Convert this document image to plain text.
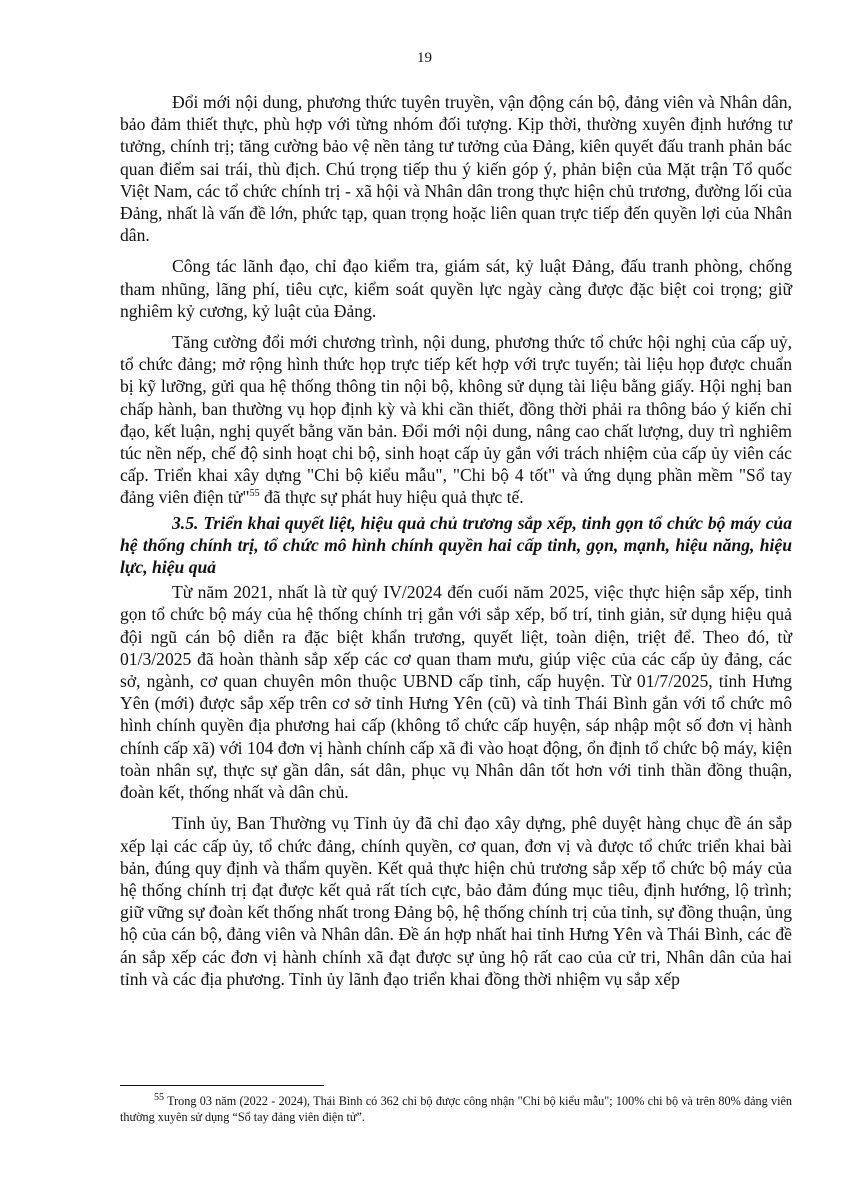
19

Đổi mới nội dung, phương thức tuyên truyền, vận động cán bộ, đảng viên và Nhân dân, bảo đảm thiết thực, phù hợp với từng nhóm đối tượng. Kịp thời, thường xuyên định hướng tư tưởng, chính trị; tăng cường bảo vệ nền tảng tư tưởng của Đảng, kiên quyết đấu tranh phản bác quan điểm sai trái, thù địch. Chú trọng tiếp thu ý kiến góp ý, phản biện của Mặt trận Tổ quốc Việt Nam, các tổ chức chính trị - xã hội và Nhân dân trong thực hiện chủ trương, đường lối của Đảng, nhất là vấn đề lớn, phức tạp, quan trọng hoặc liên quan trực tiếp đến quyền lợi của Nhân dân.

Công tác lãnh đạo, chỉ đạo kiểm tra, giám sát, kỷ luật Đảng, đấu tranh phòng, chống tham nhũng, lãng phí, tiêu cực, kiểm soát quyền lực ngày càng được đặc biệt coi trọng; giữ nghiêm kỷ cương, kỷ luật của Đảng.

Tăng cường đổi mới chương trình, nội dung, phương thức tổ chức hội nghị của cấp uỷ, tổ chức đảng; mở rộng hình thức họp trực tiếp kết hợp với trực tuyến; tài liệu họp được chuẩn bị kỹ lưỡng, gửi qua hệ thống thông tin nội bộ, không sử dụng tài liệu bằng giấy. Hội nghị ban chấp hành, ban thường vụ họp định kỳ và khi cần thiết, đồng thời phải ra thông báo ý kiến chỉ đạo, kết luận, nghị quyết bằng văn bản. Đổi mới nội dung, nâng cao chất lượng, duy trì nghiêm túc nền nếp, chế độ sinh hoạt chi bộ, sinh hoạt cấp ủy gắn với trách nhiệm của cấp ủy viên các cấp. Triển khai xây dựng "Chi bộ kiểu mẫu", "Chi bộ 4 tốt" và ứng dụng phần mềm "Sổ tay đảng viên điện tử"$^{55}$ đã thực sự phát huy hiệu quả thực tế.

3.5. Triển khai quyết liệt, hiệu quả chủ trương sắp xếp, tinh gọn tổ chức bộ máy của hệ thống chính trị, tổ chức mô hình chính quyền hai cấp tinh, gọn, mạnh, hiệu năng, hiệu lực, hiệu quả

Từ năm 2021, nhất là từ quý IV/2024 đến cuối năm 2025, việc thực hiện sắp xếp, tinh gọn tổ chức bộ máy của hệ thống chính trị gắn với sắp xếp, bố trí, tinh giản, sử dụng hiệu quả đội ngũ cán bộ diễn ra đặc biệt khẩn trương, quyết liệt, toàn diện, triệt để. Theo đó, từ 01/3/2025 đã hoàn thành sắp xếp các cơ quan tham mưu, giúp việc của các cấp ủy đảng, các sở, ngành, cơ quan chuyên môn thuộc UBND cấp tỉnh, cấp huyện. Từ 01/7/2025, tỉnh Hưng Yên (mới) được sắp xếp trên cơ sở tỉnh Hưng Yên (cũ) và tỉnh Thái Bình gắn với tổ chức mô hình chính quyền địa phương hai cấp (không tổ chức cấp huyện, sáp nhập một số đơn vị hành chính cấp xã) với 104 đơn vị hành chính cấp xã đi vào hoạt động, ổn định tổ chức bộ máy, kiện toàn nhân sự, thực sự gần dân, sát dân, phục vụ Nhân dân tốt hơn với tinh thần đồng thuận, đoàn kết, thống nhất và dân chủ.

Tỉnh ủy, Ban Thường vụ Tỉnh ủy đã chỉ đạo xây dựng, phê duyệt hàng chục đề án sắp xếp lại các cấp ủy, tổ chức đảng, chính quyền, cơ quan, đơn vị và được tổ chức triển khai bài bản, đúng quy định và thẩm quyền. Kết quả thực hiện chủ trương sắp xếp tổ chức bộ máy của hệ thống chính trị đạt được kết quả rất tích cực, bảo đảm đúng mục tiêu, định hướng, lộ trình; giữ vững sự đoàn kết thống nhất trong Đảng bộ, hệ thống chính trị của tỉnh, sự đồng thuận, ủng hộ của cán bộ, đảng viên và Nhân dân. Đề án hợp nhất hai tỉnh Hưng Yên và Thái Bình, các đề án sắp xếp các đơn vị hành chính xã đạt được sự ủng hộ rất cao của cử tri, Nhân dân của hai tỉnh và các địa phương. Tỉnh ủy lãnh đạo triển khai đồng thời nhiệm vụ sắp xếp

$^{55}$ Trong 03 năm (2022 - 2024), Thái Bình có 362 chi bộ được công nhận "Chi bộ kiểu mẫu"; 100% chi bộ và trên 80% đảng viên thường xuyên sử dụng “Sổ tay đảng viên điện tử”.
